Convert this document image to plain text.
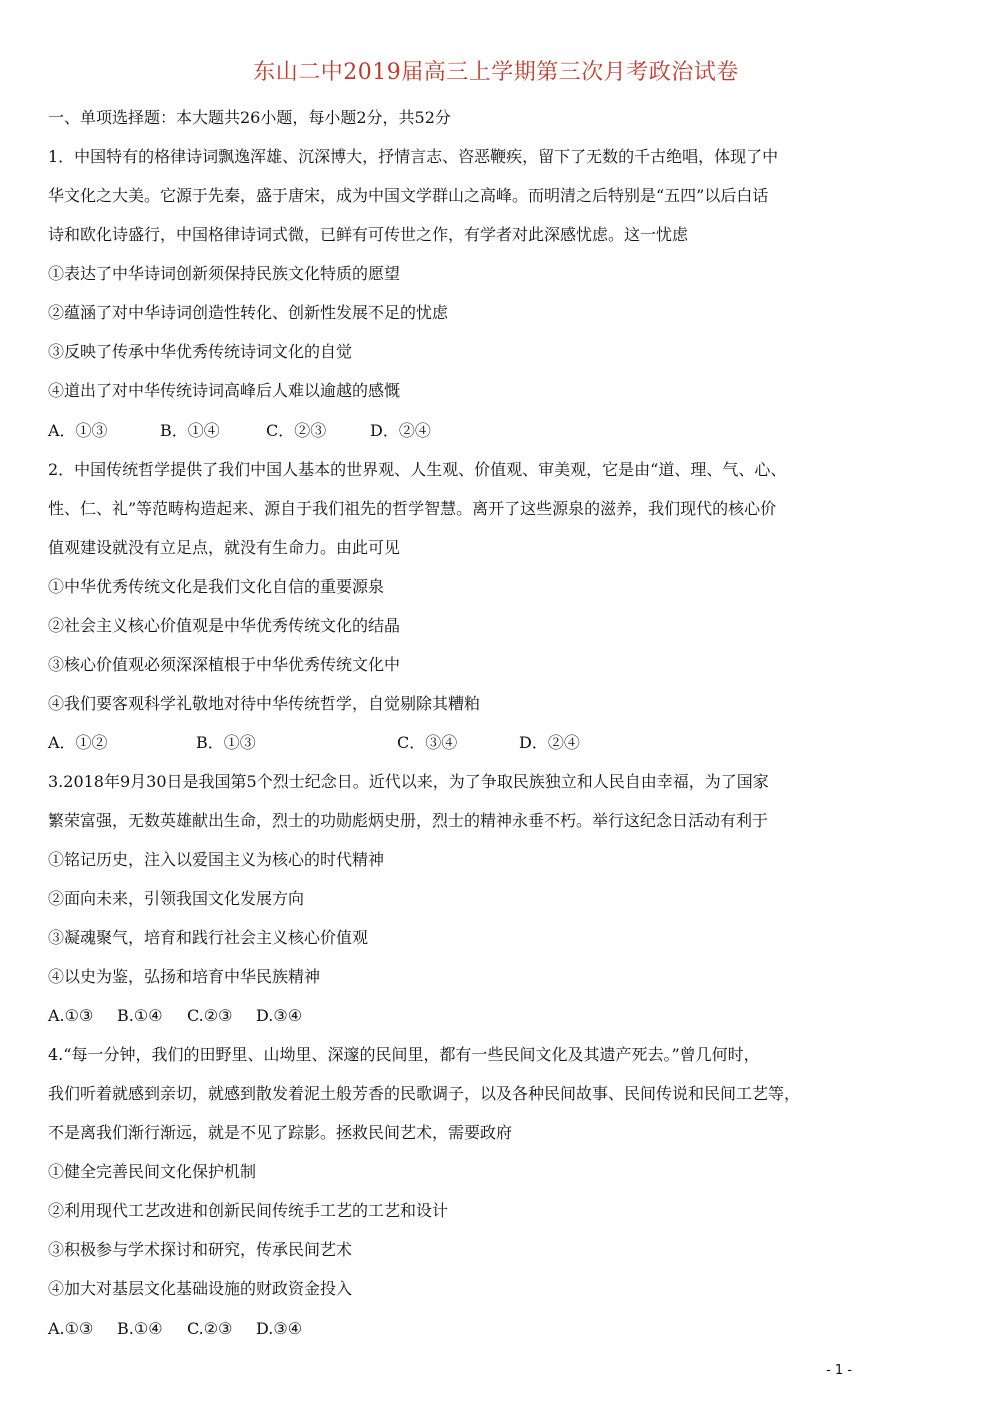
东山二中2019届高三上学期第三次月考政治试卷
一、单项选择题：本大题共26小题，每小题2分，共52分
1．中国特有的格律诗词飘逸浑雄、沉深博大，抒情言志、咨恶鞭疾，留下了无数的千古绝唱，体现了中
华文化之大美。它源于先秦，盛于唐宋，成为中国文学群山之高峰。而明清之后特别是“五四”以后白话
诗和欧化诗盛行，中国格律诗词式微，已鲜有可传世之作，有学者对此深感忧虑。这一忧虑
①表达了中华诗词创新须保持民族文化特质的愿望
②蕴涵了对中华诗词创造性转化、创新性发展不足的忧虑
③反映了传承中华优秀传统诗词文化的自觉
④道出了对中华传统诗词高峰后人难以逾越的感慨
A．①③	B．①④	C．②③	D．②④
2．中国传统哲学提供了我们中国人基本的世界观、人生观、价值观、审美观，它是由“道、理、气、心、
性、仁、礼”等范畴构造起来、源自于我们祖先的哲学智慧。离开了这些源泉的滋养，我们现代的核心价
值观建设就没有立足点，就没有生命力。由此可见
①中华优秀传统文化是我们文化自信的重要源泉
②社会主义核心价值观是中华优秀传统文化的结晶
③核心价值观必须深深植根于中华优秀传统文化中
④我们要客观科学礼敬地对待中华传统哲学，自觉剔除其糟粕
A．①②	B．①③	C．③④	D．②④
3.2018年9月30日是我国第5个烈士纪念日。近代以来，为了争取民族独立和人民自由幸福，为了国家
繁荣富强，无数英雄献出生命，烈士的功勋彪炳史册，烈士的精神永垂不朽。举行这纪念日活动有利于
①铭记历史，注入以爱国主义为核心的时代精神
②面向未来，引领我国文化发展方向
③凝魂聚气，培育和践行社会主义核心价值观
④以史为鉴，弘扬和培育中华民族精神
A.①③ B.①④ C.②③ D.③④
4.“每一分钟，我们的田野里、山坳里、深邃的民间里，都有一些民间文化及其遗产死去。”曾几何时，
我们听着就感到亲切，就感到散发着泥土般芳香的民歌调子，以及各种民间故事、民间传说和民间工艺等，
不是离我们渐行渐远，就是不见了踪影。拯救民间艺术，需要政府
①健全完善民间文化保护机制
②利用现代工艺改进和创新民间传统手工艺的工艺和设计
③积极参与学术探讨和研究，传承民间艺术
④加大对基层文化基础设施的财政资金投入
A.①③ B.①④ C.②③ D.③④
- 1 -
